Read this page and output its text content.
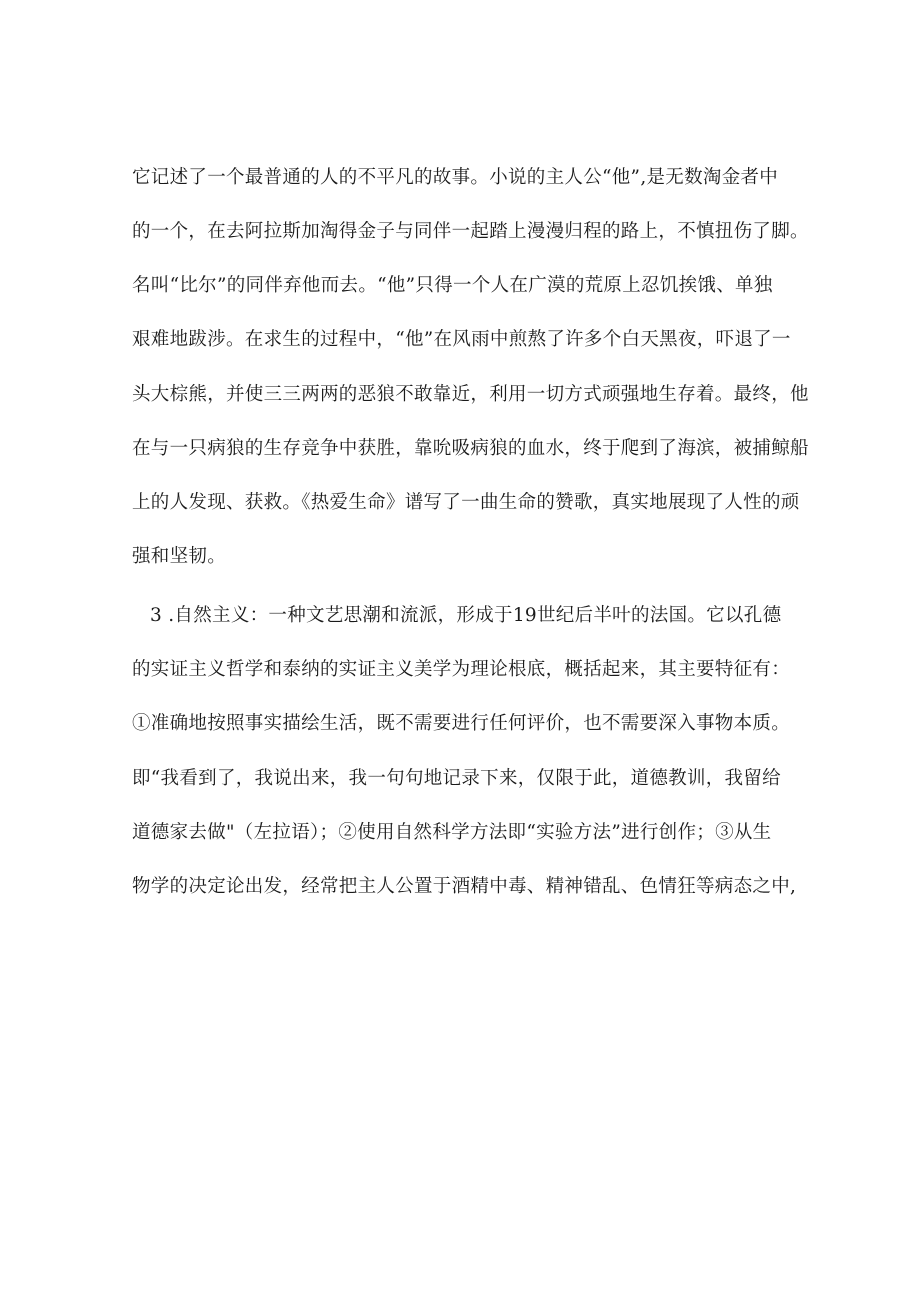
它记述了一个最普通的人的不平凡的故事。小说的主人公“他”,是无数淘金者中
的一个，在去阿拉斯加淘得金子与同伴一起踏上漫漫归程的路上，不慎扭伤了脚。
名叫“比尔”的同伴弃他而去。“他”只得一个人在广漠的荒原上忍饥挨饿、单独
艰难地跋涉。在求生的过程中，“他”在风雨中煎熬了许多个白天黑夜，吓退了一
头大棕熊，并使三三两两的恶狼不敢靠近，利用一切方式顽强地生存着。最终，他
在与一只病狼的生存竞争中获胜，靠吮吸病狼的血水，终于爬到了海滨，被捕鲸船
上的人发现、获救。《热爱生命》谱写了一曲生命的赞歌，真实地展现了人性的顽
强和坚韧。
3 .自然主义：一种文艺思潮和流派，形成于19世纪后半叶的法国。它以孔德
的实证主义哲学和泰纳的实证主义美学为理论根底，概括起来，其主要特征有：
①准确地按照事实描绘生活，既不需要进行任何评价，也不需要深入事物本质。
即“我看到了，我说出来，我一句句地记录下来，仅限于此，道德教训，我留给
道德家去做"（左拉语）；②使用自然科学方法即“实验方法”进行创作；③从生
物学的决定论出发，经常把主人公置于酒精中毒、精神错乱、色情狂等病态之中,
